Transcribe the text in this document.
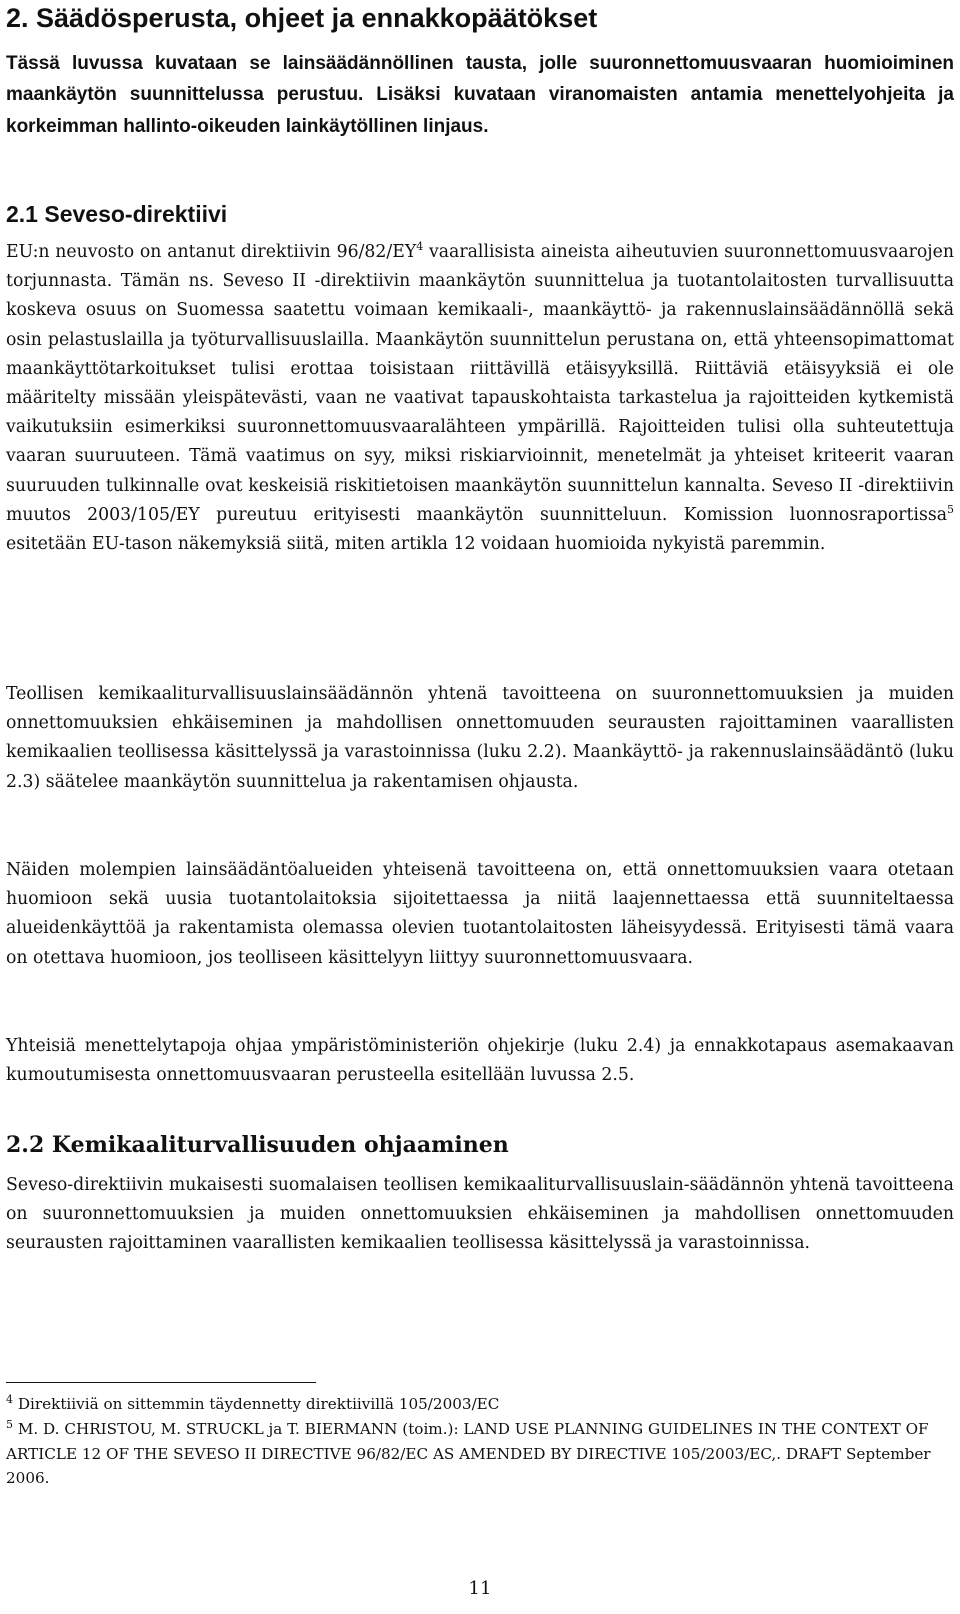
2. Säädösperusta, ohjeet ja ennakkopäätökset

Tässä luvussa kuvataan se lainsäädännöllinen tausta, jolle suuronnettomuusvaaran huomioiminen maankäytön suunnittelussa perustuu. Lisäksi kuvataan viranomaisten antamia menettelyohjeita ja korkeimman hallinto-oikeuden lainkäytöllinen linjaus.

2.1 Seveso-direktiivi

EU:n neuvosto on antanut direktiivin $96/82/EY^4$ vaarallisista aineista aiheutuvien suuronnettomuusvaarojen torjunnasta. Tämän ns. Seveso II -direktiivin maankäytön suunnittelua ja tuotantolaitosten turvallisuutta koskeva osuus on Suomessa saatettu voimaan kemikaali-, maankäyttö- ja rakennuslainsäädännöllä sekä osin pelastuslailla ja työturvallisuuslailla. Maankäytön suunnittelun perustana on, että yhteensopimattomat maankäyttötarkoitukset tulisi erottaa toisistaan riittävillä etäisyyksillä. Riittäviä etäisyyksiä ei ole määritelty missään yleispätevästi, vaan ne vaativat tapauskohtaista tarkastelua ja rajoitteiden kytkemistä vaikutuksiin esimerkiksi suuronnettomuusvaaralähteen ympärillä. Rajoitteiden tulisi olla suhteutettuja vaaran suuruuteen. Tämä vaatimus on syy, miksi riskiarvioinnit, menetelmät ja yhteiset kriteerit vaaran suuruuden tulkinnalle ovat keskeisiä riskitietoisen maankäytön suunnittelun kannalta. Seveso II -direktiivin muutos 2003/105/EY pureutuu erityisesti maankäytön suunnitteluun. Komission luonnosraportissa$^5$ esitetään EU-tason näkemyksiä siitä, miten artikla 12 voidaan huomioida nykyistä paremmin.

Teollisen kemikaaliturvallisuuslainsäädännön yhtenä tavoitteena on suuronnettomuuksien ja muiden onnettomuuksien ehkäiseminen ja mahdollisen onnettomuuden seurausten rajoittaminen vaarallisten kemikaalien teollisessa käsittelyssä ja varastoinnissa (luku 2.2). Maankäyttö- ja rakennuslainsäädäntö (luku 2.3) säätelee maankäytön suunnittelua ja rakentamisen ohjausta.

Näiden molempien lainsäädäntöalueiden yhteisenä tavoitteena on, että onnettomuuksien vaara otetaan huomioon sekä uusia tuotantolaitoksia sijoitettaessa ja niitä laajennettaessa että suunniteltaessa alueidenkäyttöä ja rakentamista olemassa olevien tuotantolaitosten läheisyydessä. Erityisesti tämä vaara on otettava huomioon, jos teolliseen käsittelyyn liittyy suuronnettomuusvaara.

Yhteisiä menettelytapoja ohjaa ympäristöministeriön ohjekirje (luku 2.4) ja ennakkotapaus asemakaavan kumoutumisesta onnettomuusvaaran perusteella esitellään luvussa 2.5.

2.2 Kemikaaliturvallisuuden ohjaaminen

Seveso-direktiivin mukaisesti suomalaisen teollisen kemikaaliturvallisuuslain-säädännön yhtenä tavoitteena on suuronnettomuuksien ja muiden onnettomuuksien ehkäiseminen ja mahdollisen onnettomuuden seurausten rajoittaminen vaarallisten kemikaalien teollisessa käsittelyssä ja varastoinnissa.

$^4$ Direktiiviä on sittemmin täydennetty direktiivillä 105/2003/EC

$^5$ M. D. CHRISTOU, M. STRUCKL ja T. BIERMANN (toim.): LAND USE PLANNING GUIDELINES IN THE CONTEXT OF ARTICLE 12 OF THE SEVESO II DIRECTIVE 96/82/EC AS AMENDED BY DIRECTIVE 105/2003/EC,. DRAFT September 2006.

11
